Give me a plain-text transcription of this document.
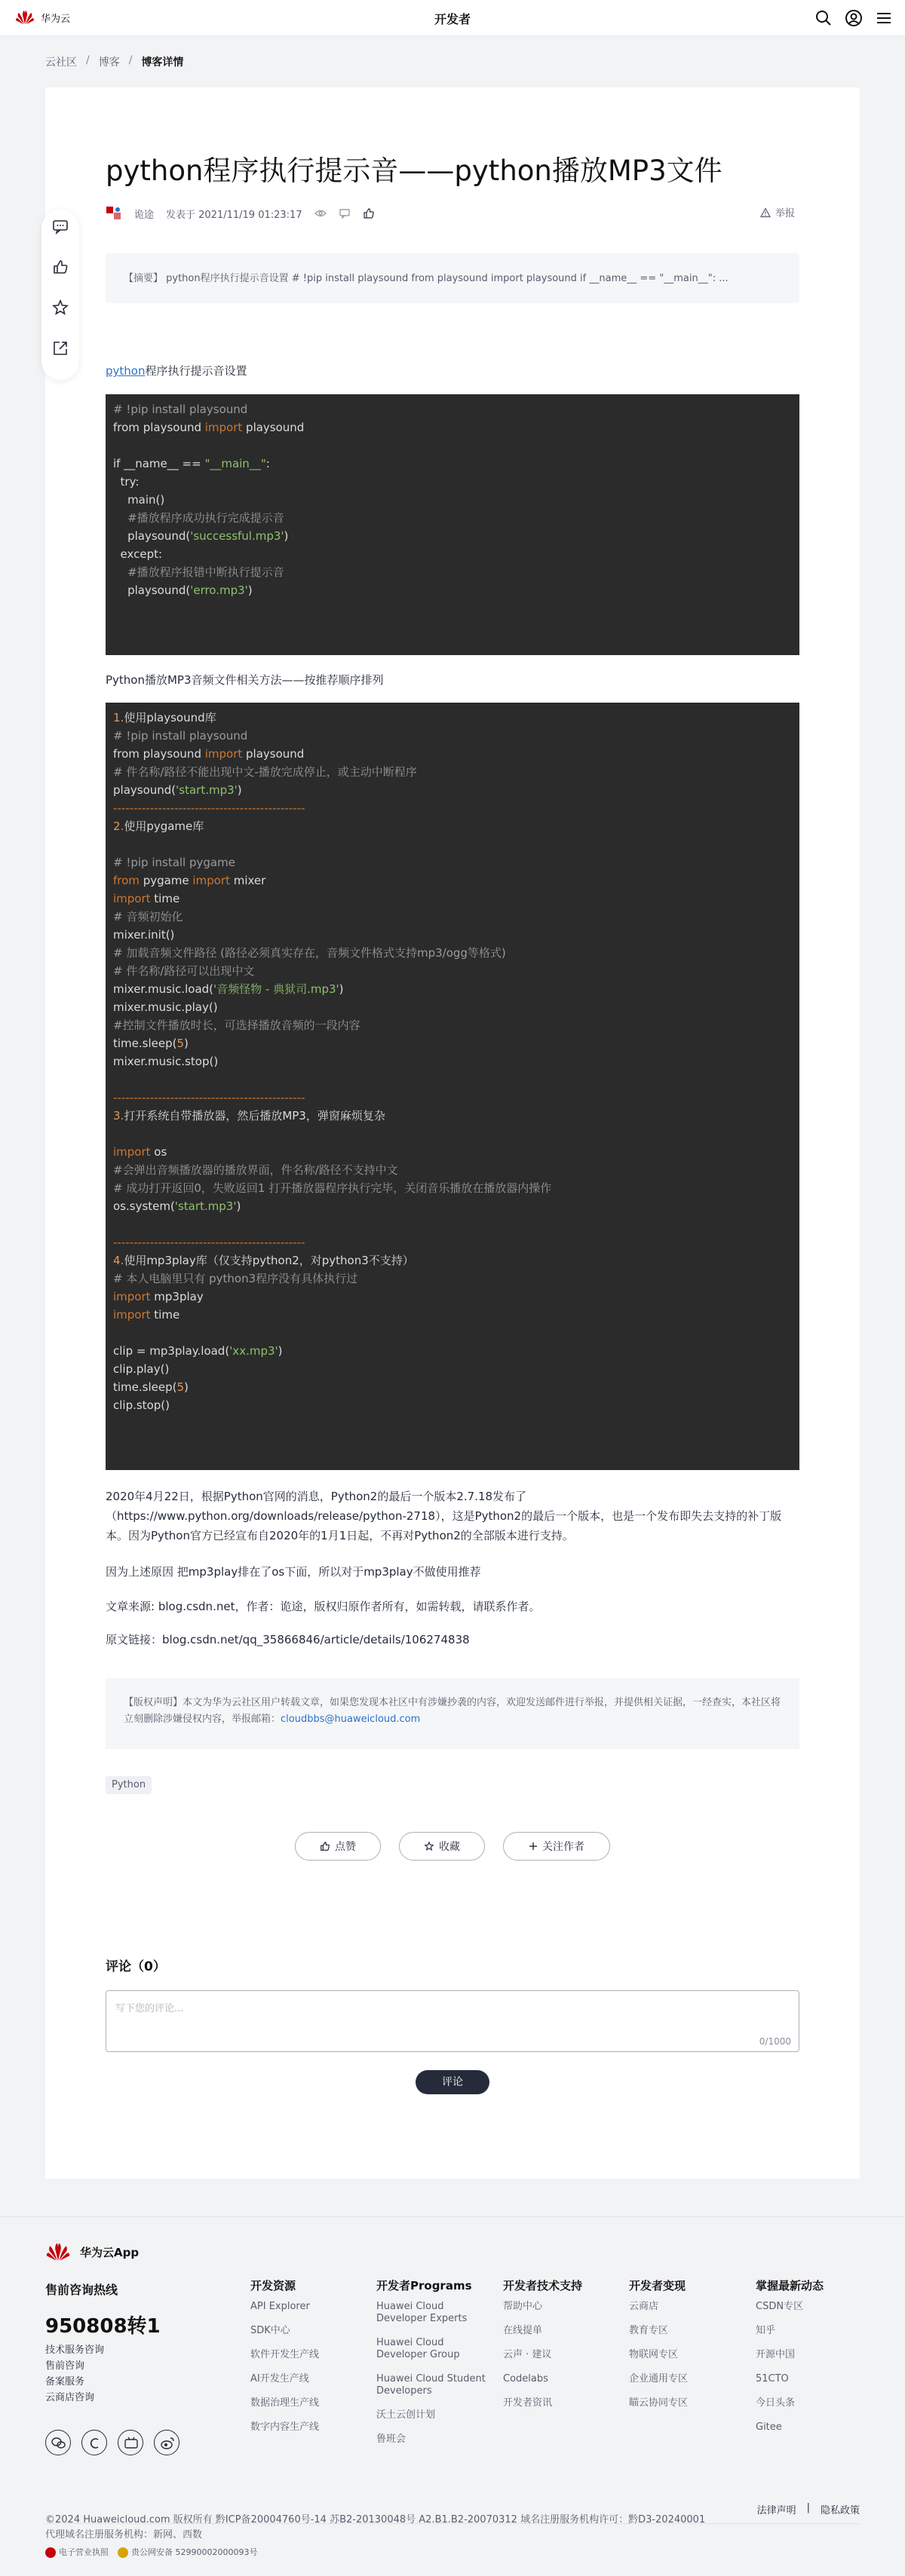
华为云	开发者
云社区 / 博客 / 博客详情
python程序执行提示音——python播放MP3文件
诡途 发表于 2021/11/19 01:23:17	举报
【摘要】 python程序执行提示音设置 # !pip install playsound from playsound import playsound if __name__ == "__main__": ...
python程序执行提示音设置
# !pip install playsound
from playsound import playsound
if __name__ == "__main__":
try:
main()
#播放程序成功执行完成提示音
playsound('successful.mp3')
except:
#播放程序报错中断执行提示音
playsound('erro.mp3')
Python播放MP3音频文件相关方法——按推荐顺序排列
1.使用playsound库
# !pip install playsound
from playsound import playsound
# 件名称/路径不能出现中文-播放完成停止，或主动中断程序
playsound('start.mp3')
-----------------------------------------------
2.使用pygame库
# !pip install pygame
from pygame import mixer
import time
# 音频初始化
mixer.init()
# 加载音频文件路径 (路径必须真实存在，音频文件格式支持mp3/ogg等格式)
# 件名称/路径可以出现中文
mixer.music.load('音频怪物 - 典狱司.mp3')
mixer.music.play()
#控制文件播放时长，可选择播放音频的一段内容
time.sleep(5)
mixer.music.stop()
-----------------------------------------------
3.打开系统自带播放器，然后播放MP3，弹窗麻烦复杂
import os
#会弹出音频播放器的播放界面，件名称/路径不支持中文
# 成功打开返回0，失败返回1 打开播放器程序执行完毕，关闭音乐播放在播放器内操作
os.system('start.mp3')
-----------------------------------------------
4.使用mp3play库（仅支持python2，对python3不支持）
# 本人电脑里只有 python3程序没有具体执行过
import mp3play
import time
clip = mp3play.load('xx.mp3')
clip.play()
time.sleep(5)
clip.stop()
2020年4月22日，根据Python官网的消息，Python2的最后一个版本2.7.18发布了（https://www.python.org/downloads/release/python-2718），这是Python2的最后一个版本，也是一个发布即失去支持的补丁版本。因为Python官方已经宣布自2020年的1月1日起，不再对Python2的全部版本进行支持。
因为上述原因 把mp3play排在了os下面，所以对于mp3play不做使用推荐
文章来源: blog.csdn.net，作者：诡途，版权归原作者所有，如需转载，请联系作者。
原文链接：blog.csdn.net/qq_35866846/article/details/106274838
【版权声明】本文为华为云社区用户转载文章，如果您发现本社区中有涉嫌抄袭的内容，欢迎发送邮件进行举报，并提供相关证据，一经查实，本社区将立刻删除涉嫌侵权内容，举报邮箱：cloudbbs@huaweicloud.com
Python
点赞	收藏	关注作者
评论（0）
写下您的评论...
0/1000
评论
华为云App
售前咨询热线
950808转1
技术服务咨询
售前咨询
备案服务
云商店咨询
开发资源
API Explorer
SDK中心
软件开发生产线
AI开发生产线
数据治理生产线
数字内容生产线
开发者Programs
Huawei Cloud Developer Experts
Huawei Cloud Developer Group
Huawei Cloud Student Developers
沃土云创计划
鲁班会
开发者技术支持
帮助中心
在线提单
云声 · 建议
Codelabs
开发者资讯
开发者变现
云商店
教育专区
物联网专区
企业通用专区
瞄云协同专区
掌握最新动态
CSDN专区
知乎
开源中国
51CTO
今日头条
Gitee
法律声明 | 隐私政策
©2024 Huaweicloud.com 版权所有 黔ICP备20004760号-14 苏B2-20130048号 A2.B1.B2-20070312 域名注册服务机构许可：黔D3-20240001
代理域名注册服务机构：新网、西数
电子营业执照	贵公网安备 52990002000093号
